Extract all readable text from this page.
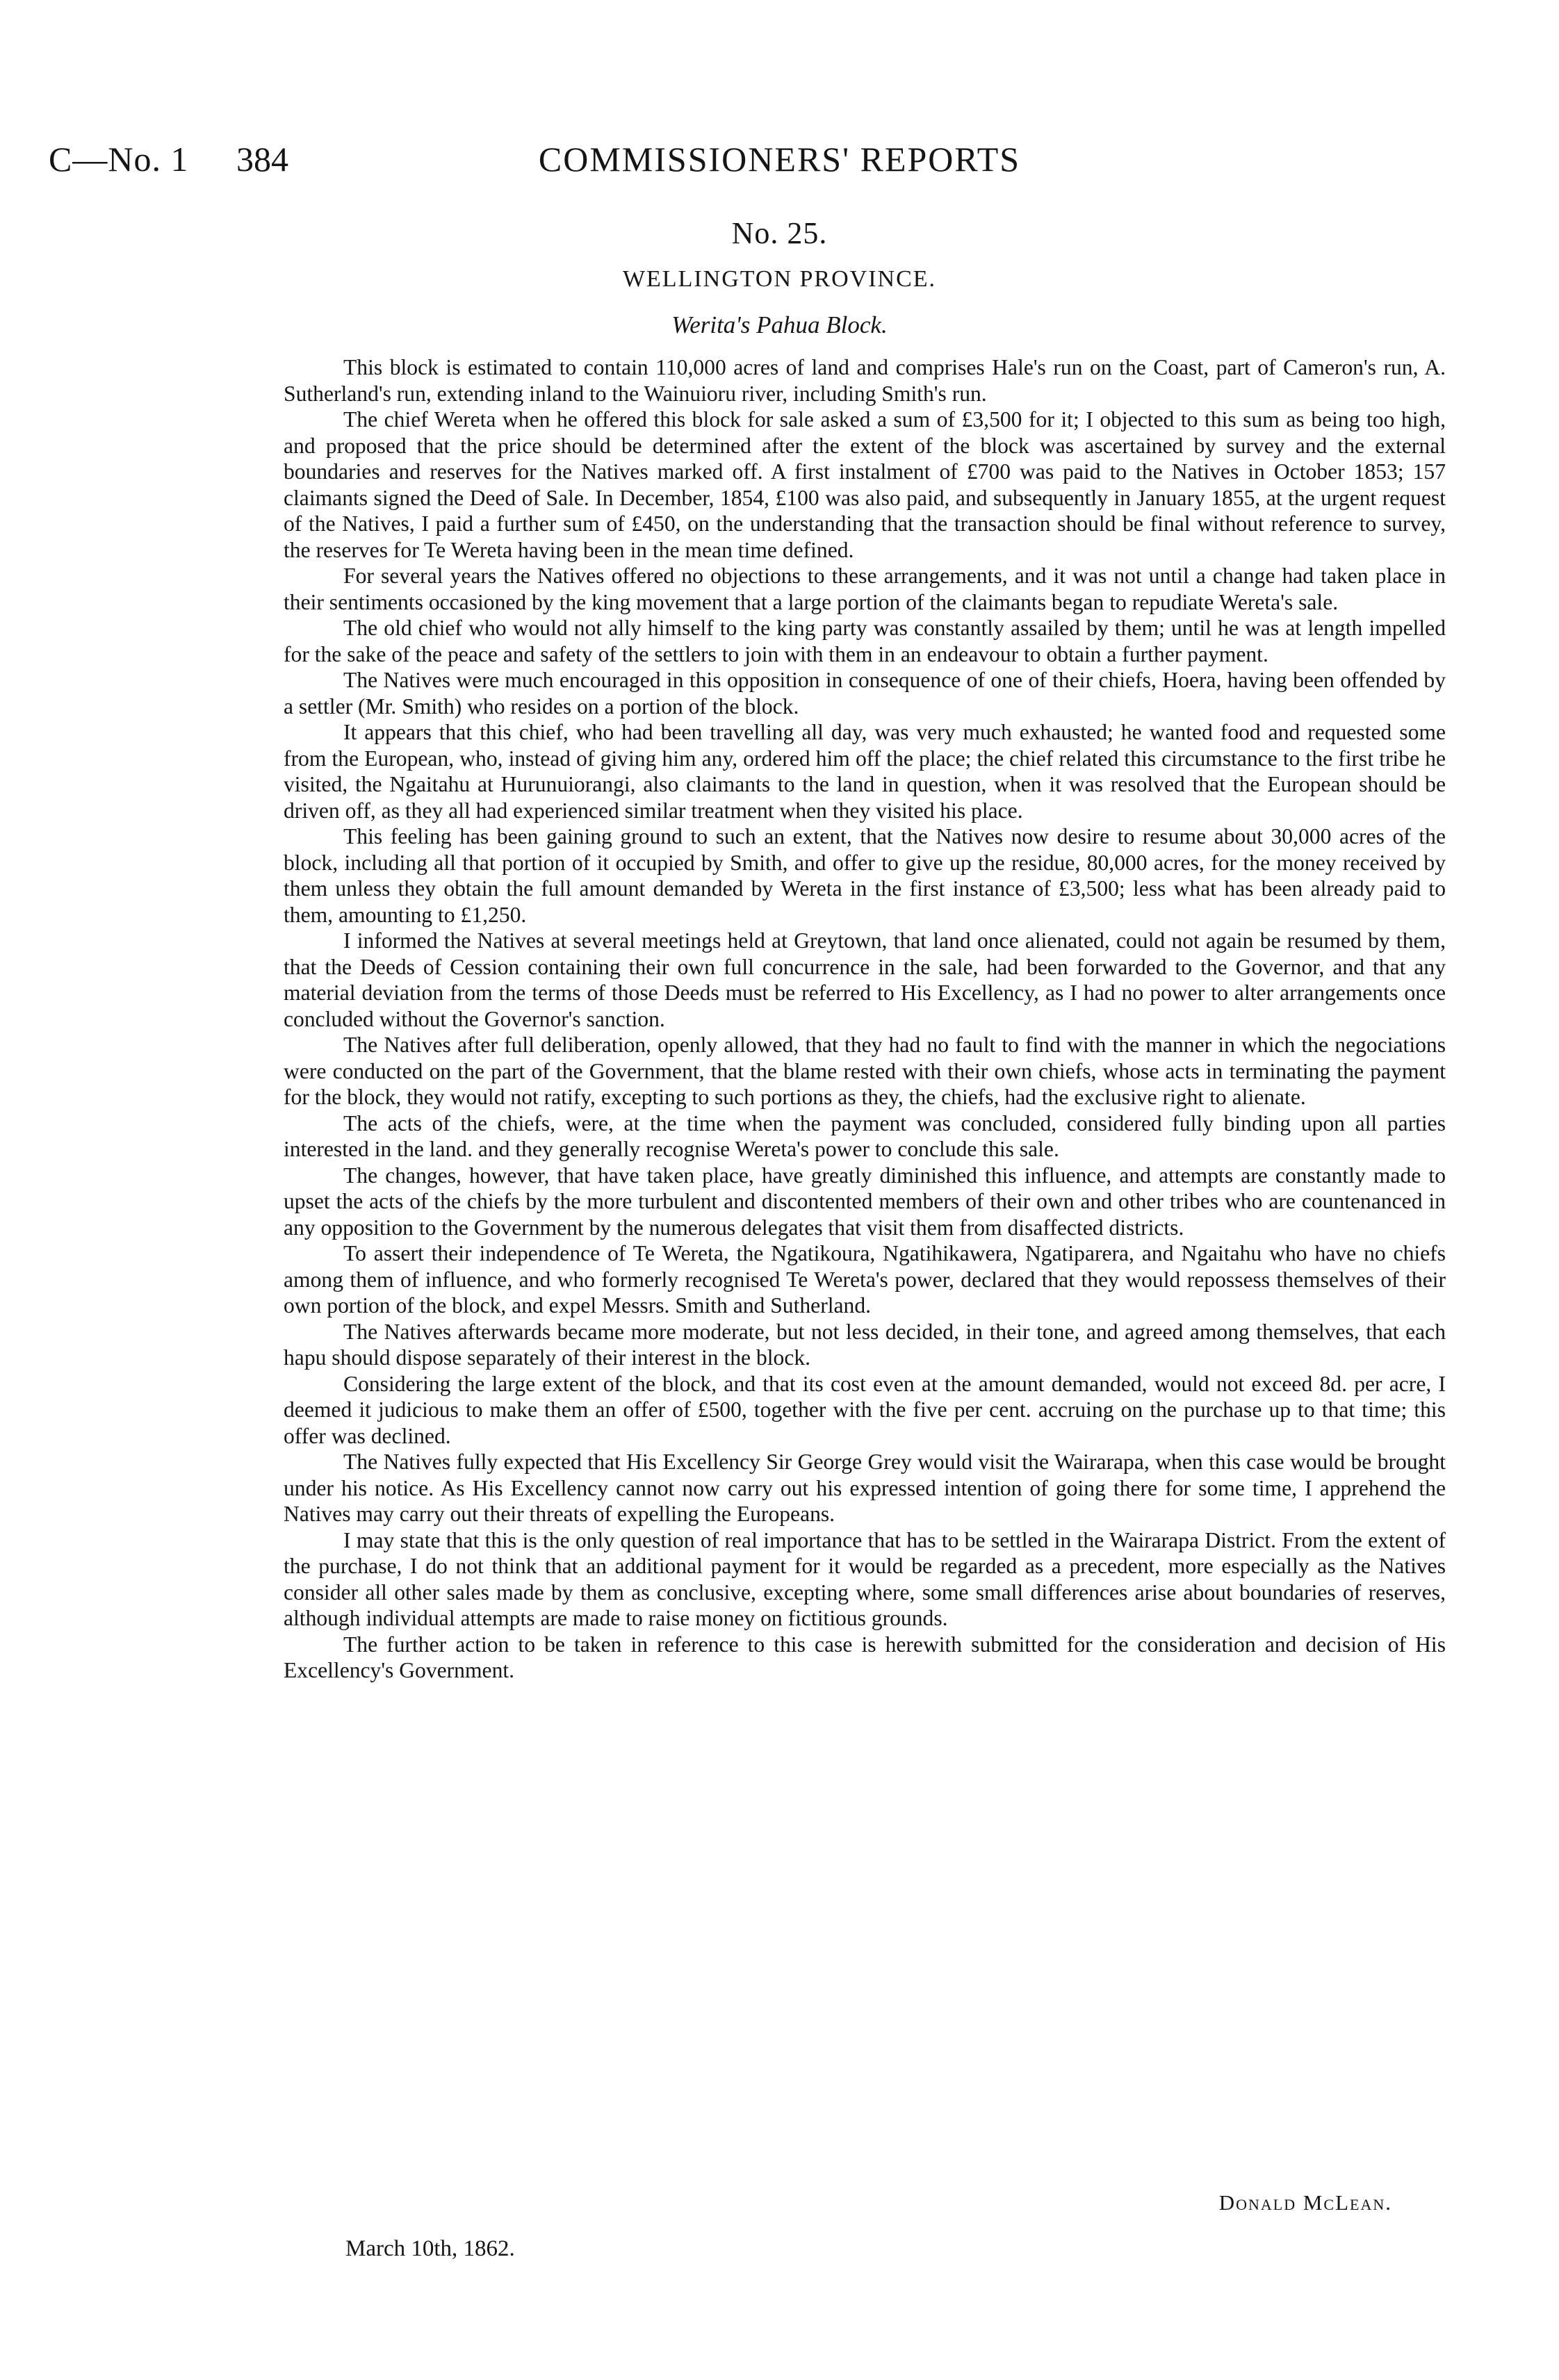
C—No. 1 384	COMMISSIONERS' REPORTS
No. 25.
WELLINGTON PROVINCE.
Werita's Pahua Block.

This block is estimated to contain 110,000 acres of land and comprises Hale's run on the Coast, part of Cameron's run, A. Sutherland's run, extending inland to the Wainuioru river, including Smith's run.

The chief Wereta when he offered this block for sale asked a sum of £3,500 for it; I objected to this sum as being too high, and proposed that the price should be determined after the extent of the block was ascertained by survey and the external boundaries and reserves for the Natives marked off. A first instalment of £700 was paid to the Natives in October 1853; 157 claimants signed the Deed of Sale. In December, 1854, £100 was also paid, and subsequently in January 1855, at the urgent request of the Natives, I paid a further sum of £450, on the understanding that the transaction should be final without reference to survey, the reserves for Te Wereta having been in the mean time defined.

For several years the Natives offered no objections to these arrangements, and it was not until a change had taken place in their sentiments occasioned by the king movement that a large portion of the claimants began to repudiate Wereta's sale.

The old chief who would not ally himself to the king party was constantly assailed by them; until he was at length impelled for the sake of the peace and safety of the settlers to join with them in an endeavour to obtain a further payment.

The Natives were much encouraged in this opposition in consequence of one of their chiefs, Hoera, having been offended by a settler (Mr. Smith) who resides on a portion of the block.

It appears that this chief, who had been travelling all day, was very much exhausted; he wanted food and requested some from the European, who, instead of giving him any, ordered him off the place; the chief related this circumstance to the first tribe he visited, the Ngaitahu at Hurunuiorangi, also claimants to the land in question, when it was resolved that the European should be driven off, as they all had experienced similar treatment when they visited his place.

This feeling has been gaining ground to such an extent, that the Natives now desire to resume about 30,000 acres of the block, including all that portion of it occupied by Smith, and offer to give up the residue, 80,000 acres, for the money received by them unless they obtain the full amount demanded by Wereta in the first instance of £3,500; less what has been already paid to them, amounting to £1,250.

I informed the Natives at several meetings held at Greytown, that land once alienated, could not again be resumed by them, that the Deeds of Cession containing their own full concurrence in the sale, had been forwarded to the Governor, and that any material deviation from the terms of those Deeds must be referred to His Excellency, as I had no power to alter arrangements once concluded without the Governor's sanction.

The Natives after full deliberation, openly allowed, that they had no fault to find with the manner in which the negociations were conducted on the part of the Government, that the blame rested with their own chiefs, whose acts in terminating the payment for the block, they would not ratify, excepting to such portions as they, the chiefs, had the exclusive right to alienate.

The acts of the chiefs, were, at the time when the payment was concluded, considered fully binding upon all parties interested in the land. and they generally recognise Wereta's power to conclude this sale.

The changes, however, that have taken place, have greatly diminished this influence, and attempts are constantly made to upset the acts of the chiefs by the more turbulent and discontented members of their own and other tribes who are countenanced in any opposition to the Government by the numerous delegates that visit them from disaffected districts.

To assert their independence of Te Wereta, the Ngatikoura, Ngatihikawera, Ngatiparera, and Ngaitahu who have no chiefs among them of influence, and who formerly recognised Te Wereta's power, declared that they would repossess themselves of their own portion of the block, and expel Messrs. Smith and Sutherland.

The Natives afterwards became more moderate, but not less decided, in their tone, and agreed among themselves, that each hapu should dispose separately of their interest in the block.

Considering the large extent of the block, and that its cost even at the amount demanded, would not exceed 8d. per acre, I deemed it judicious to make them an offer of £500, together with the five per cent. accruing on the purchase up to that time; this offer was declined.

The Natives fully expected that His Excellency Sir George Grey would visit the Wairarapa, when this case would be brought under his notice. As His Excellency cannot now carry out his expressed intention of going there for some time, I apprehend the Natives may carry out their threats of expelling the Europeans.

I may state that this is the only question of real importance that has to be settled in the Wairarapa District. From the extent of the purchase, I do not think that an additional payment for it would be regarded as a precedent, more especially as the Natives consider all other sales made by them as conclusive, excepting where, some small differences arise about boundaries of reserves, although individual attempts are made to raise money on fictitious grounds.

The further action to be taken in reference to this case is herewith submitted for the consideration and decision of His Excellency's Government.

Donald McLean.
March 10th, 1862.
